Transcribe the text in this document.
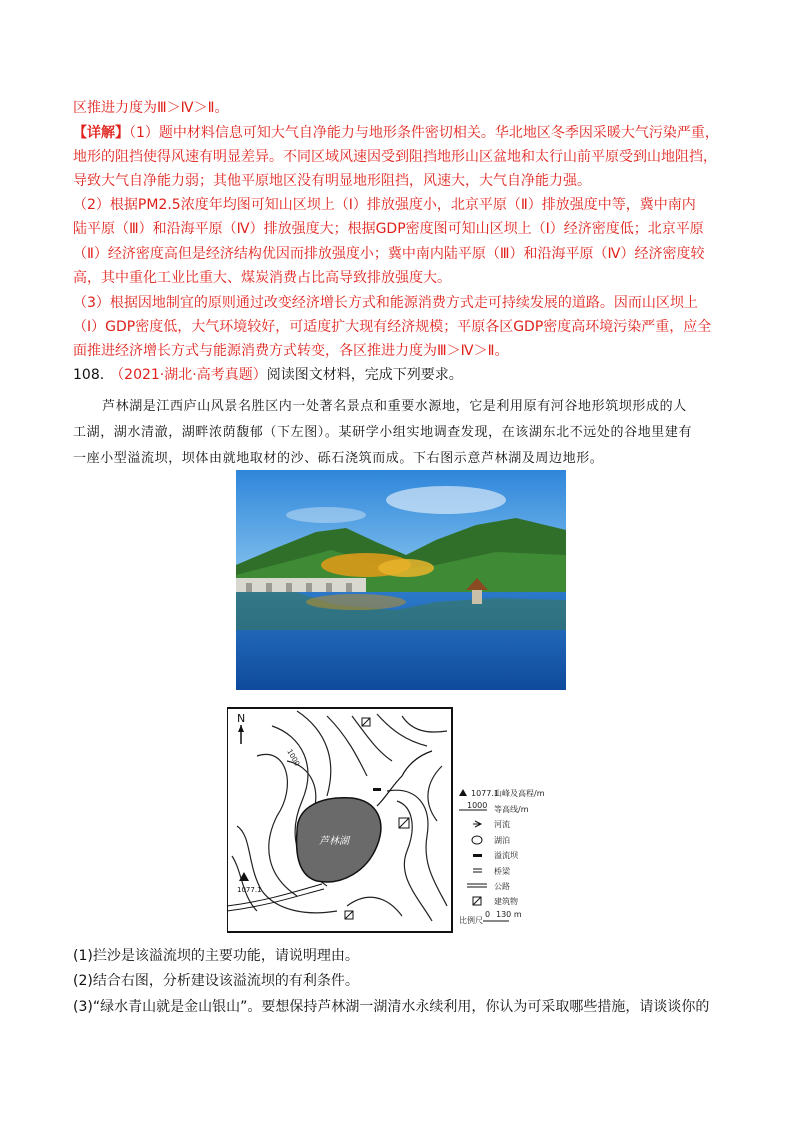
区推进力度为Ⅲ＞Ⅳ＞Ⅱ。
【详解】（1）题中材料信息可知大气自净能力与地形条件密切相关。华北地区冬季因采暖大气污染严重，
地形的阻挡使得风速有明显差异。不同区域风速因受到阻挡地形山区盆地和太行山前平原受到山地阻挡，
导致大气自净能力弱；其他平原地区没有明显地形阻挡，风速大，大气自净能力强。
（2）根据PM2.5浓度年均图可知山区坝上（Ⅰ）排放强度小，北京平原（Ⅱ）排放强度中等，冀中南内
陆平原（Ⅲ）和沿海平原（Ⅳ）排放强度大；根据GDP密度图可知山区坝上（Ⅰ）经济密度低；北京平原
（Ⅱ）经济密度高但是经济结构优因而排放强度小；冀中南内陆平原（Ⅲ）和沿海平原（Ⅳ）经济密度较
高，其中重化工业比重大、煤炭消费占比高导致排放强度大。
（3）根据因地制宜的原则通过改变经济增长方式和能源消费方式走可持续发展的道路。因而山区坝上
（Ⅰ）GDP密度低，大气环境较好，可适度扩大现有经济规模；平原各区GDP密度高环境污染严重，应全
面推进经济增长方式与能源消费方式转变，各区推进力度为Ⅲ＞Ⅳ＞Ⅱ。
108. （2021·湖北·高考真题）阅读图文材料，完成下列要求。
芦林湖是江西庐山风景名胜区内一处著名景点和重要水源地，它是利用原有河谷地形筑坝形成的人
工湖，湖水清澈，湖畔浓荫馥郁（下左图）。某研学小组实地调查发现，在该湖东北不远处的谷地里建有
一座小型溢流坝，坝体由就地取材的沙、砾石浇筑而成。下右图示意芦林湖及周边地形。
N
芦林湖
1077.1
1000
1077.1
山峰及高程/m
1000 等高线/m
河流
湖泊
溢流坝
桥梁
公路
建筑物
比例尺
0 130 m
(1)拦沙是该溢流坝的主要功能，请说明理由。
(2)结合右图，分析建设该溢流坝的有利条件。
(3)“绿水青山就是金山银山”。要想保持芦林湖一湖清水永续利用，你认为可采取哪些措施，请谈谈你的
